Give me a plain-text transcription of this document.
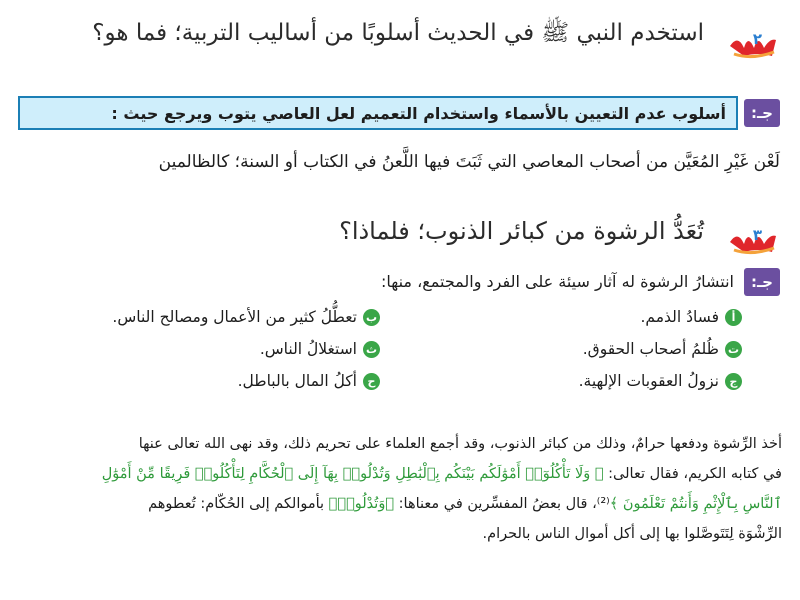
٢
استخدم النبي ﷺ في الحديث أسلوبًا من أساليب التربية؛ فما هو؟
جـ:
أسلوب عدم التعيين بالأسماء واستخدام التعميم لعل العاصي يتوب ويرجع حيث :
لَعْن غَيْرِ المُعَيَّن من أصحاب المعاصي التي ثَبَتَ فيها اللَّعنُ في الكتاب أو السنة؛ كالظالمين
٣
تُعَدُّ الرشوة من كبائر الذنوب؛ فلماذا؟
جـ:
انتشارُ الرشوة له آثار سيئة على الفرد والمجتمع، منها:
أ
فسادُ الذمم.
ب
تعطُّلُ كثير من الأعمال ومصالح الناس.
ت
ظُلمُ أصحاب الحقوق.
ث
استغلالُ الناس.
ج
نزولُ العقوبات الإلهية.
ح
أكلُ المال بالباطل.
أخذ الرِّشوة ودفعها حرامٌ، وذلك من كبائر الذنوب، وقد أجمع العلماء على تحريم ذلك، وقد نهى الله تعالى عنها
في كتابه الكريم، فقال تعالى: ﴿ وَلَا تَأْكُلُوٓا۟ أَمْوَٰلَكُم بَيْنَكُم بِٱلْبَٰطِلِ وَتُدْلُوا۟ بِهَآ إِلَى ٱلْحُكَّامِ لِتَأْكُلُوا۟ فَرِيقًا مِّنْ أَمْوَٰلِ
ٱلنَّاسِ بِٱلْإِثْمِ وَأَنتُمْ تَعْلَمُونَ ﴾⁽²⁾، قال بعضُ المفسِّرين في معناها: ﴿وَتُدْلُوا۟﴾ بأموالكم إلى الحُكّام: تُعطوهم
الرِّشْوَة لِتَتَوصَّلوا بها إلى أكل أموال الناس بالحرام.
